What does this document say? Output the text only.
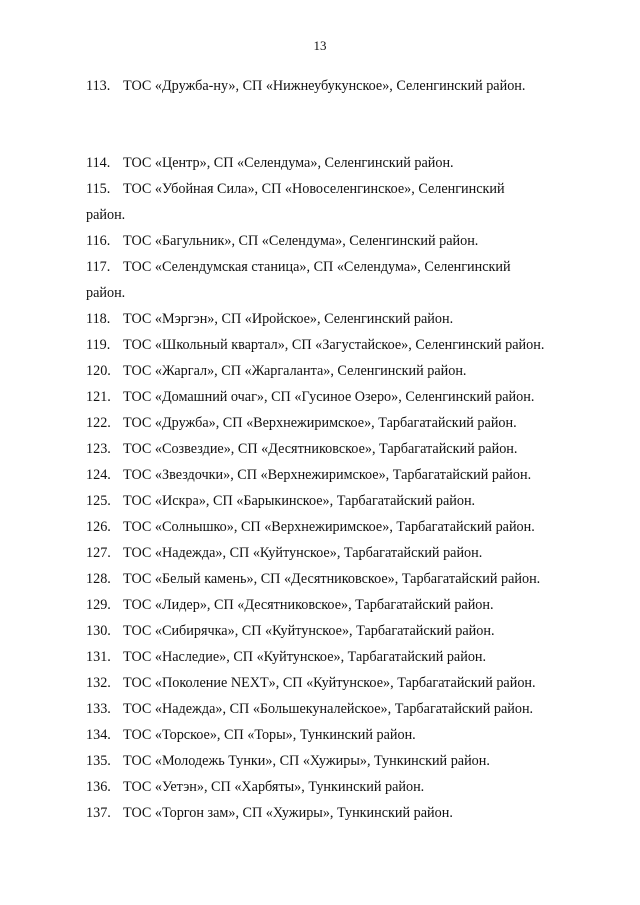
13
113. ТОС «Дружба-ну», СП «Нижнеубукунское», Селенгинский район.
114. ТОС «Центр», СП «Селендума», Селенгинский район.
115. ТОС «Убойная Сила», СП «Новоселенгинское», Селенгинский
район.
116. ТОС «Багульник», СП «Селендума», Селенгинский район.
117. ТОС «Селендумская станица», СП «Селендума», Селенгинский
район.
118. ТОС «Мэргэн», СП «Иройское», Селенгинский район.
119. ТОС «Школьный квартал», СП «Загустайское», Селенгинский район.
120. ТОС «Жаргал», СП «Жаргаланта», Селенгинский район.
121. ТОС «Домашний очаг», СП «Гусиное Озеро», Селенгинский район.
122. ТОС «Дружба», СП «Верхнежиримское», Тарбагатайский район.
123. ТОС «Созвездие», СП «Десятниковское», Тарбагатайский район.
124. ТОС «Звездочки», СП «Верхнежиримское», Тарбагатайский район.
125. ТОС «Искра», СП «Барыкинское», Тарбагатайский район.
126. ТОС «Солнышко», СП «Верхнежиримское», Тарбагатайский район.
127. ТОС «Надежда», СП «Куйтунское», Тарбагатайский район.
128. ТОС «Белый камень», СП «Десятниковское», Тарбагатайский район.
129. ТОС «Лидер», СП «Десятниковское», Тарбагатайский район.
130. ТОС «Сибирячка», СП «Куйтунское», Тарбагатайский район.
131. ТОС «Наследие», СП «Куйтунское», Тарбагатайский район.
132. ТОС «Поколение NEXT», СП «Куйтунское», Тарбагатайский район.
133. ТОС «Надежда», СП «Большекуналейское», Тарбагатайский район.
134. ТОС «Торское», СП «Торы», Тункинский район.
135. ТОС «Молодежь Тунки», СП «Хужиры», Тункинский район.
136. ТОС «Уетэн», СП «Харбяты», Тункинский район.
137. ТОС «Торгон зам», СП «Хужиры», Тункинский район.
